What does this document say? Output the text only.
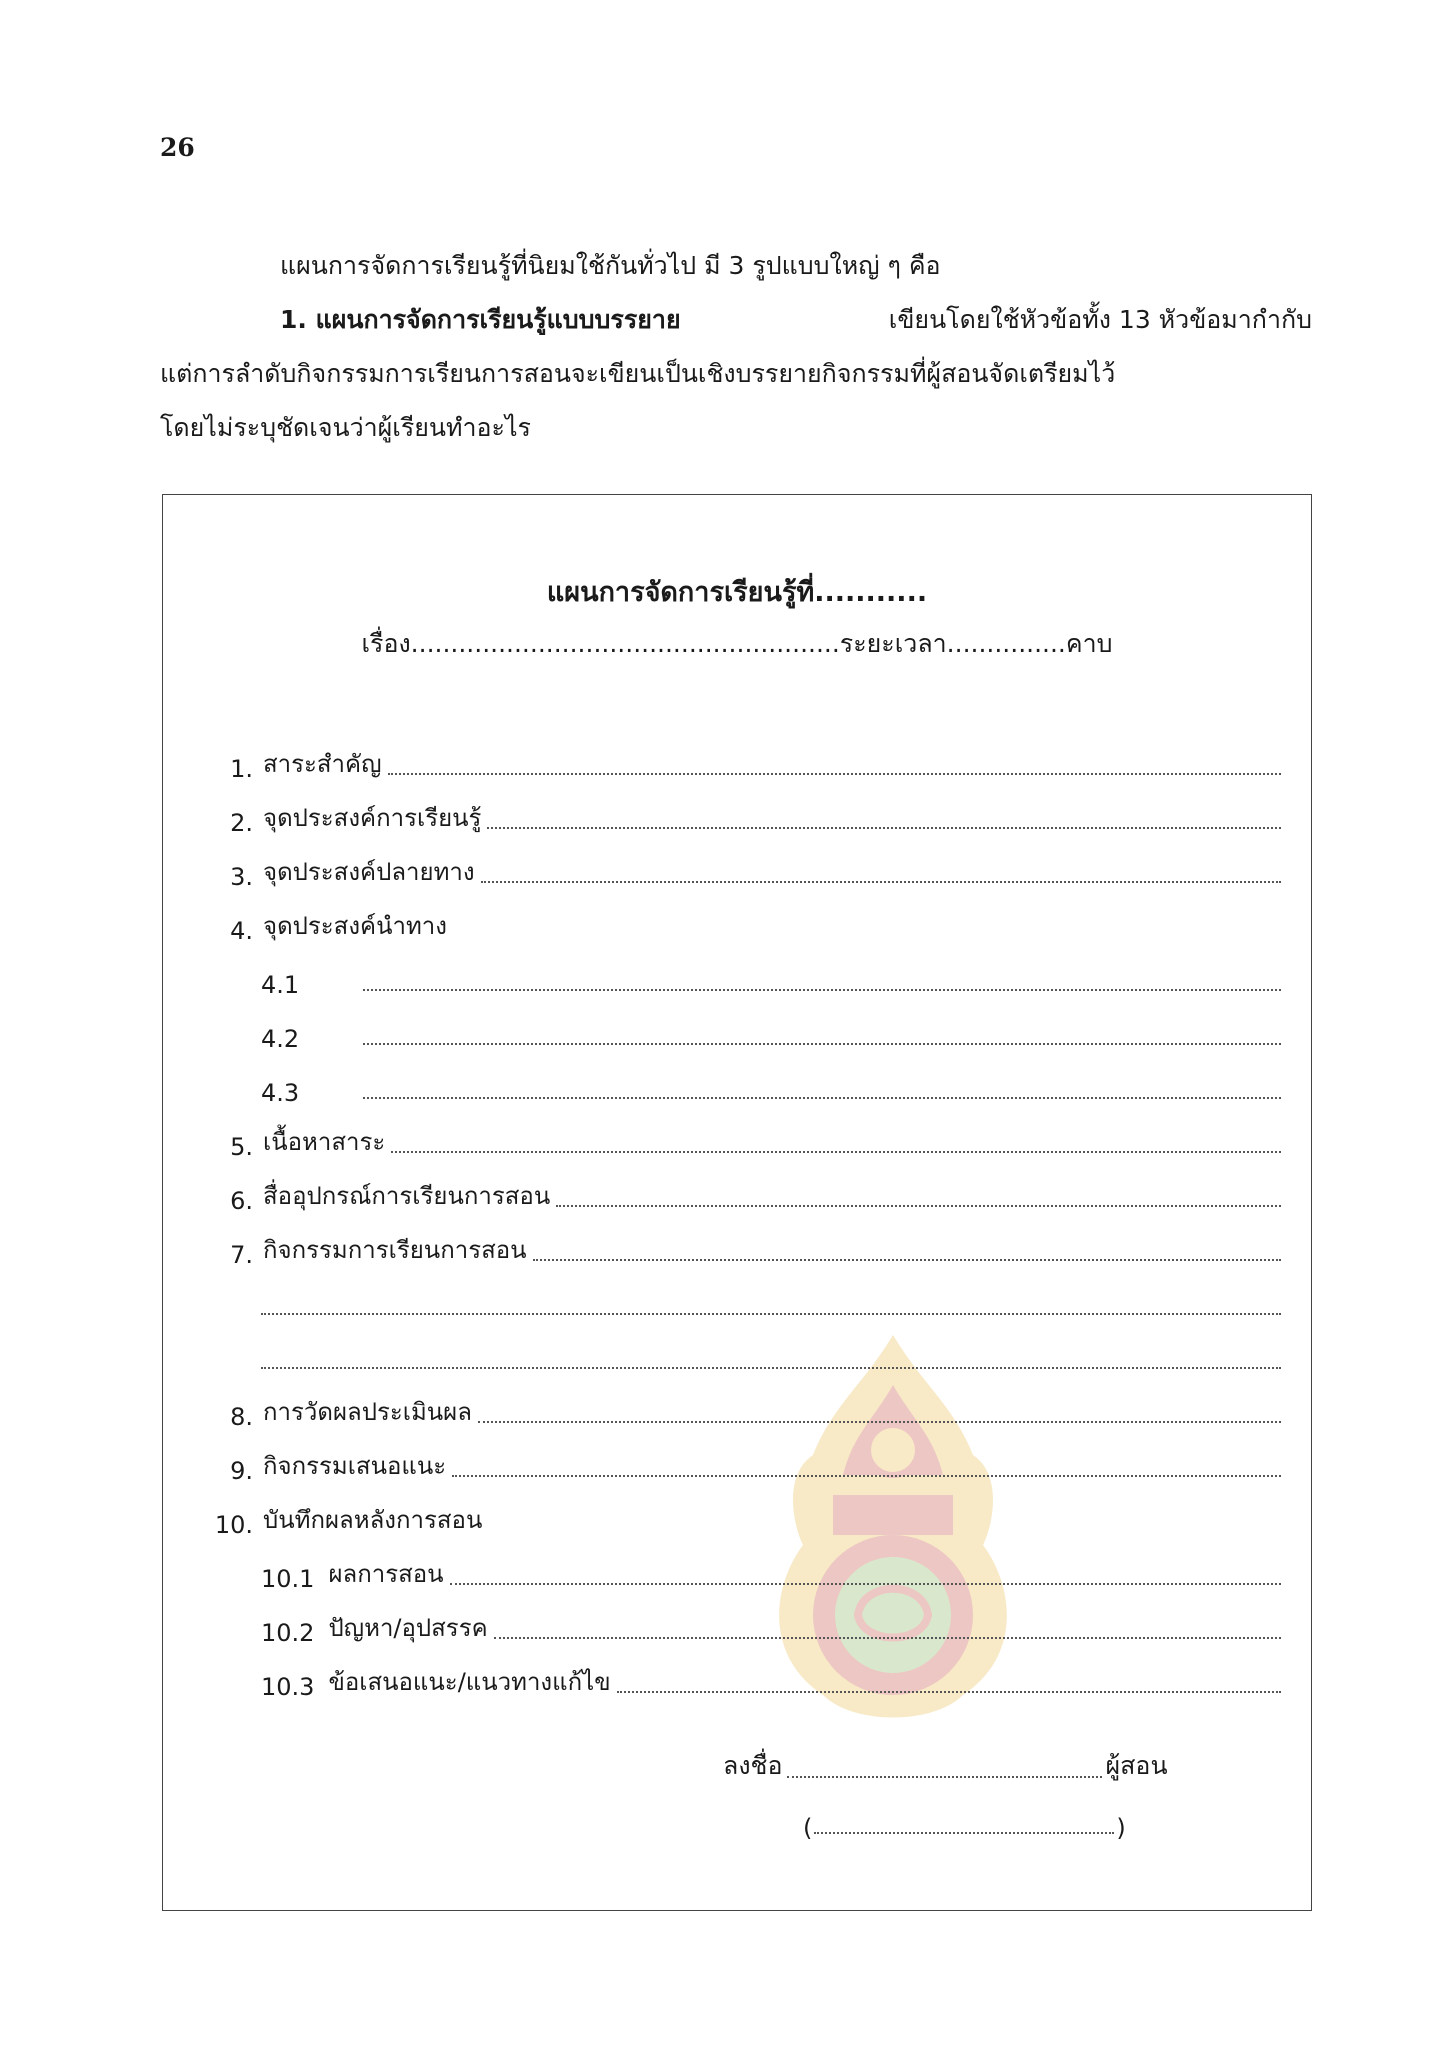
26
แผนการจัดการเรียนรู้ที่นิยมใช้กันทั่วไป มี 3 รูปแบบใหญ่ ๆ คือ
1. แผนการจัดการเรียนรู้แบบบรรยาย	เขียนโดยใช้หัวข้อทั้ง 13 หัวข้อมากำกับ
แต่การลำดับกิจกรรมการเรียนการสอนจะเขียนเป็นเชิงบรรยายกิจกรรมที่ผู้สอนจัดเตรียมไว้
โดยไม่ระบุชัดเจนว่าผู้เรียนทำอะไร
แผนการจัดการเรียนรู้ที่...........
เรื่อง......................................................ระยะเวลา...............คาบ
1. สาระสำคัญ
2. จุดประสงค์การเรียนรู้
3. จุดประสงค์ปลายทาง
4. จุดประสงค์นำทาง
4.1
4.2
4.3
5. เนื้อหาสาระ
6. สื่ออุปกรณ์การเรียนการสอน
7. กิจกรรมการเรียนการสอน
8. การวัดผลประเมินผล
9. กิจกรรมเสนอแนะ
10. บันทึกผลหลังการสอน
10.1 ผลการสอน
10.2 ปัญหา/อุปสรรค
10.3 ข้อเสนอแนะ/แนวทางแก้ไข
ลงชื่อ	ผู้สอน
(	)
